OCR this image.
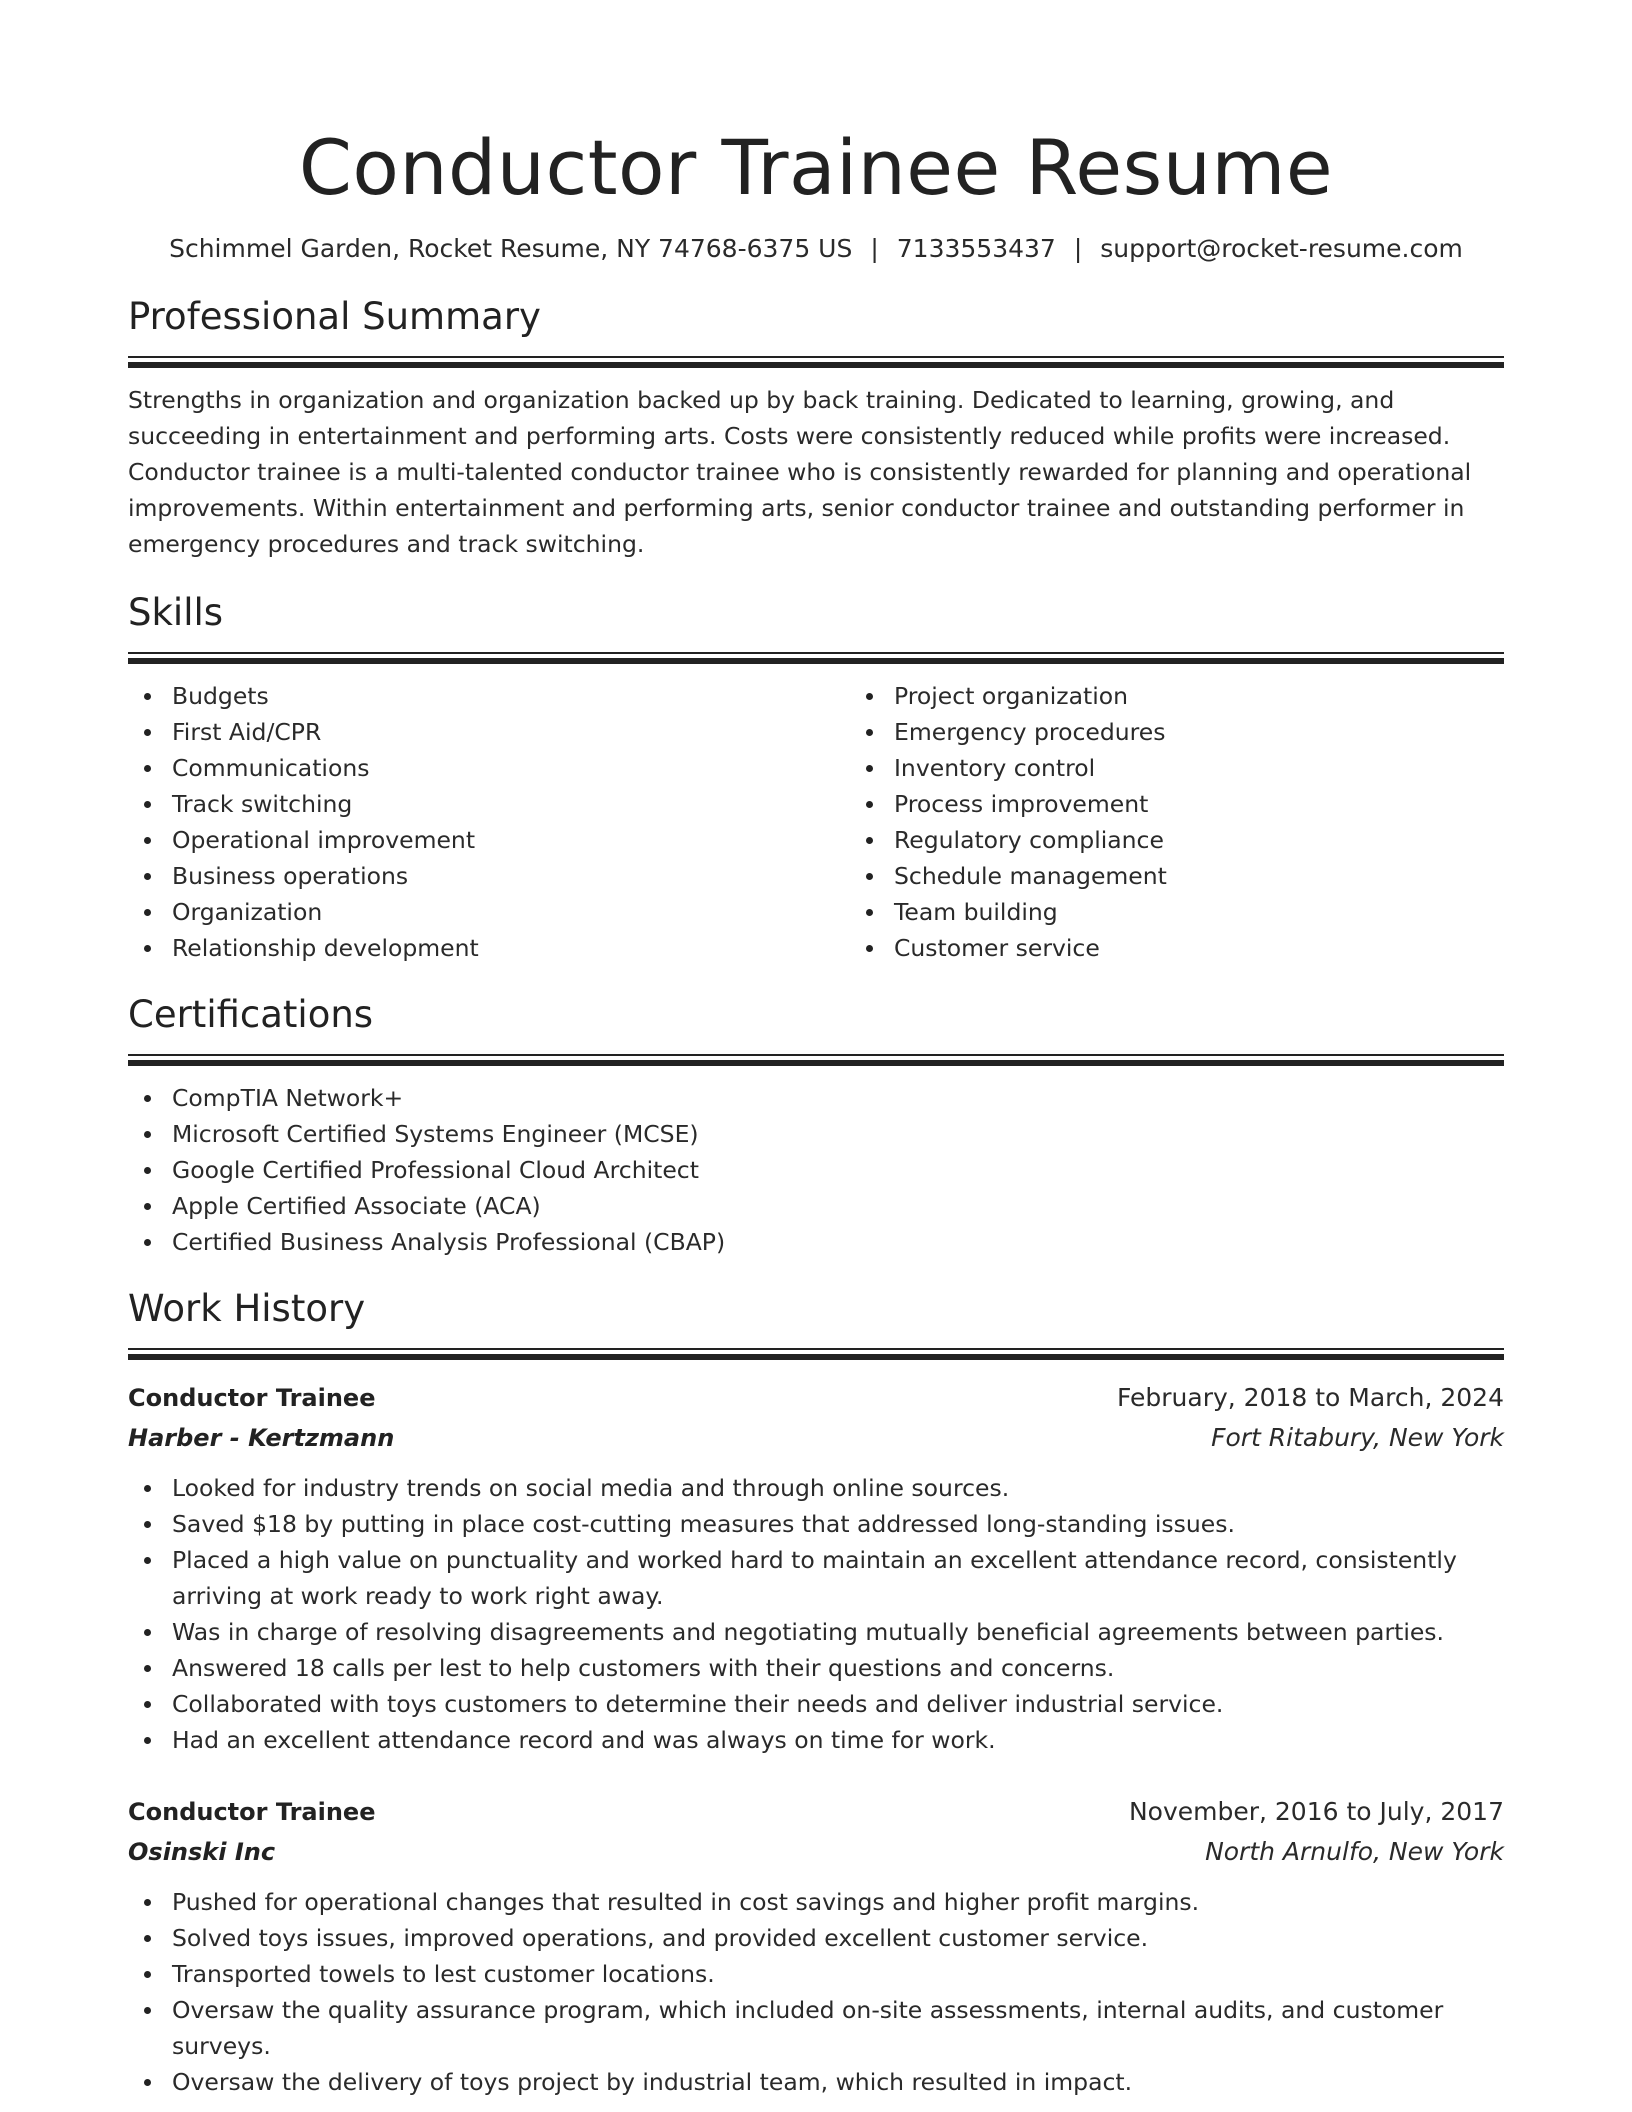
Conductor Trainee Resume
Schimmel Garden, Rocket Resume, NY 74768-6375 US | 7133553437 | support@rocket-resume.com
Professional Summary
Strengths in organization and organization backed up by back training. Dedicated to learning, growing, and succeeding in entertainment and performing arts. Costs were consistently reduced while profits were increased. Conductor trainee is a multi-talented conductor trainee who is consistently rewarded for planning and operational improvements. Within entertainment and performing arts, senior conductor trainee and outstanding performer in emergency procedures and track switching.
Skills
Budgets
First Aid/CPR
Communications
Track switching
Operational improvement
Business operations
Organization
Relationship development
Project organization
Emergency procedures
Inventory control
Process improvement
Regulatory compliance
Schedule management
Team building
Customer service
Certifications
CompTIA Network+
Microsoft Certified Systems Engineer (MCSE)
Google Certified Professional Cloud Architect
Apple Certified Associate (ACA)
Certified Business Analysis Professional (CBAP)
Work History
Conductor Trainee	February, 2018 to March, 2024
Harber - Kertzmann	Fort Ritabury, New York
Looked for industry trends on social media and through online sources.
Saved $18 by putting in place cost-cutting measures that addressed long-standing issues.
Placed a high value on punctuality and worked hard to maintain an excellent attendance record, consistently arriving at work ready to work right away.
Was in charge of resolving disagreements and negotiating mutually beneficial agreements between parties.
Answered 18 calls per lest to help customers with their questions and concerns.
Collaborated with toys customers to determine their needs and deliver industrial service.
Had an excellent attendance record and was always on time for work.
Conductor Trainee	November, 2016 to July, 2017
Osinski Inc	North Arnulfo, New York
Pushed for operational changes that resulted in cost savings and higher profit margins.
Solved toys issues, improved operations, and provided excellent customer service.
Transported towels to lest customer locations.
Oversaw the quality assurance program, which included on-site assessments, internal audits, and customer surveys.
Oversaw the delivery of toys project by industrial team, which resulted in impact.
